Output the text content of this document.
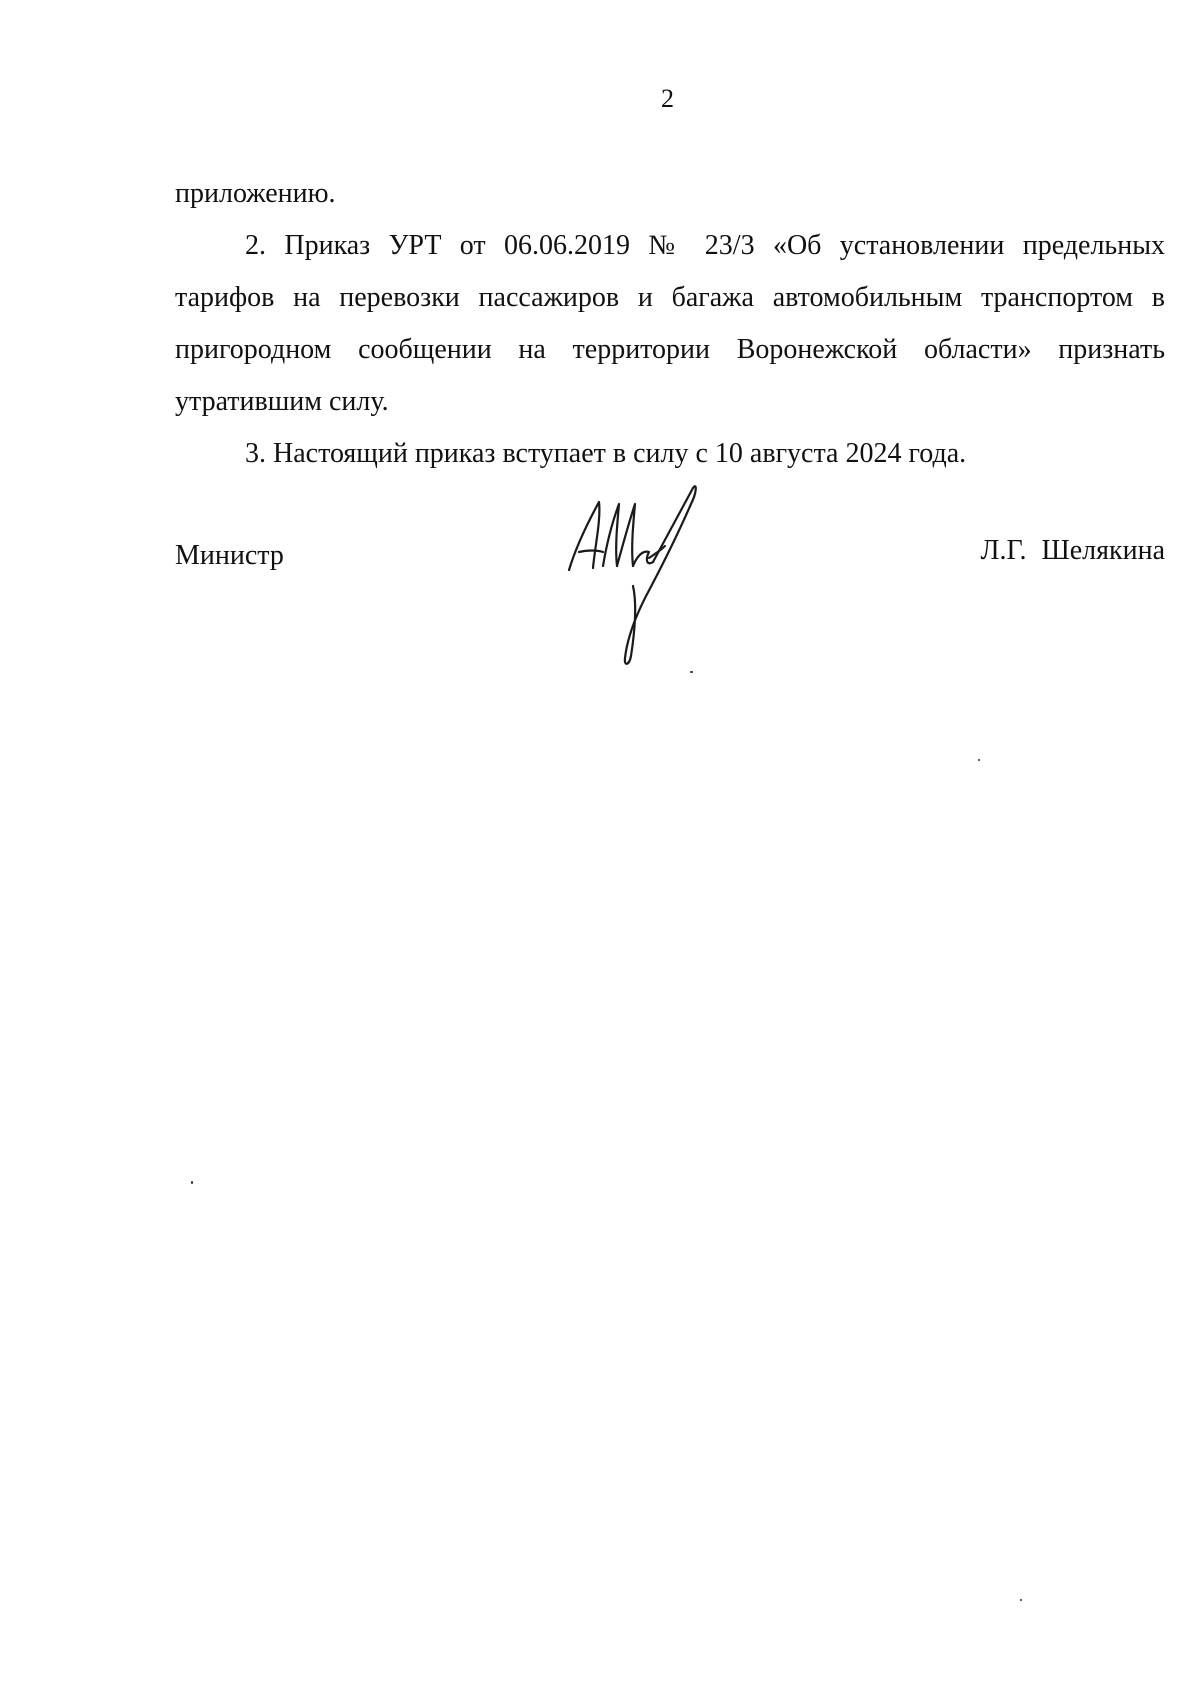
2
приложению.
2. Приказ УРТ от 06.06.2019 № 23/3 «Об установлении предельных
тарифов на перевозки пассажиров и багажа автомобильным транспортом в
пригородном сообщении на территории Воронежской области» признать
утратившим силу.
3. Настоящий приказ вступает в силу с 10 августа 2024 года.
Министр	Л.Г. Шелякина
